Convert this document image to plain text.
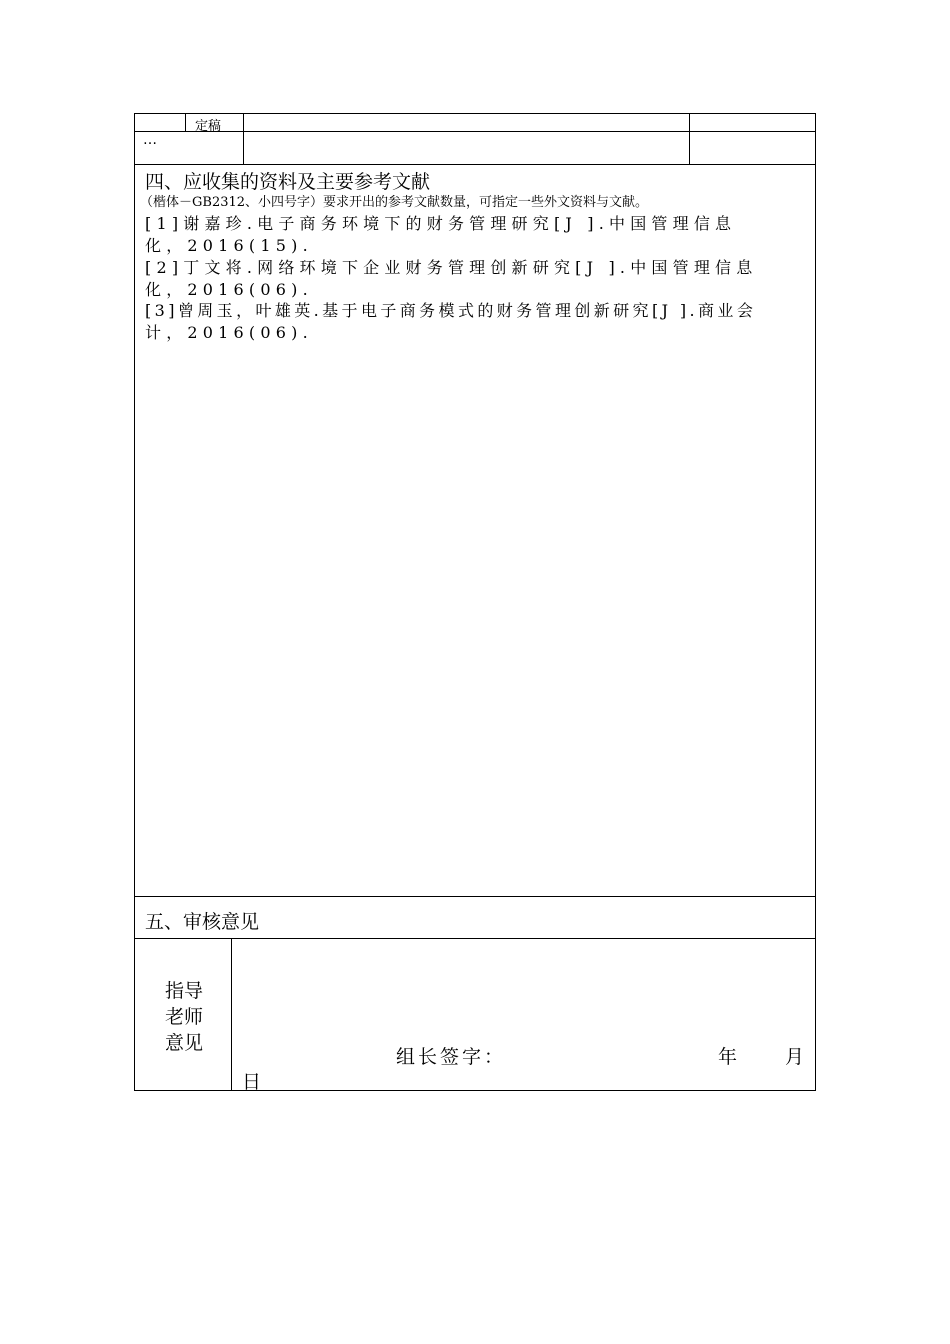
定稿
…
四、应收集的资料及主要参考文献
（楷体－GB2312、小四号字）要求开出的参考文献数量，可指定一些外文资料与文献。
[1]谢嘉珍.电子商务环境下的财务管理研究[J ].中国管理信息
化，2016(15).
[2]丁文将.网络环境下企业财务管理创新研究[J ].中国管理信息
化，2016(06).
[3]曾周玉，叶雄英.基于电子商务模式的财务管理创新研究[J ].商业会
计，2016(06).
五、审核意见
指导
老师
意见
组长签字：	年	月
日
